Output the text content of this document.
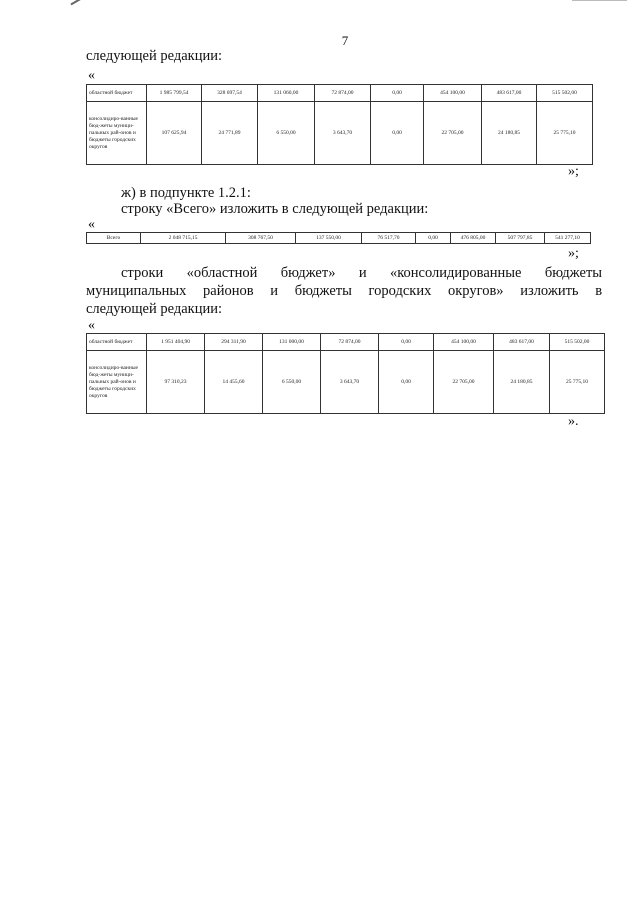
7
следующей редакции:
«
областной бюджет	1 985 799,54	328 697,54	131 060,00	72 874,00	0,00	454 100,00	483 617,00	515 502,00
консолидиро-ванные бюд-жеты муници-пальных рай-онов и бюджеты городских округов	107 625,94	24 771,89	6 550,00	3 643,70	0,00	22 705,00	24 180,85	25 775,10
»;
ж) в подпункте 1.2.1:
строку «Всего» изложить в следующей редакции:
«
Всего	2 048 715,15	308 767,50	137 550,00	76 517,70	0,00	476 805,00	507 797,85	541 277,10
»;
строки «областной бюджет» и «консолидированные бюджеты
муниципальных районов и бюджеты городских округов» изложить в
следующей редакции:
«
областной бюджет	1 951 404,90	294 311,90	131 000,00	72 874,00	0,00	454 100,00	483 617,00	515 502,00
консолидиро-ванные бюд-жеты муници-пальных рай-онов и бюджеты городских округов	97 310,23	14 455,60	6 550,00	3 643,70	0,00	22 705,00	24 180,85	25 775,10
».
